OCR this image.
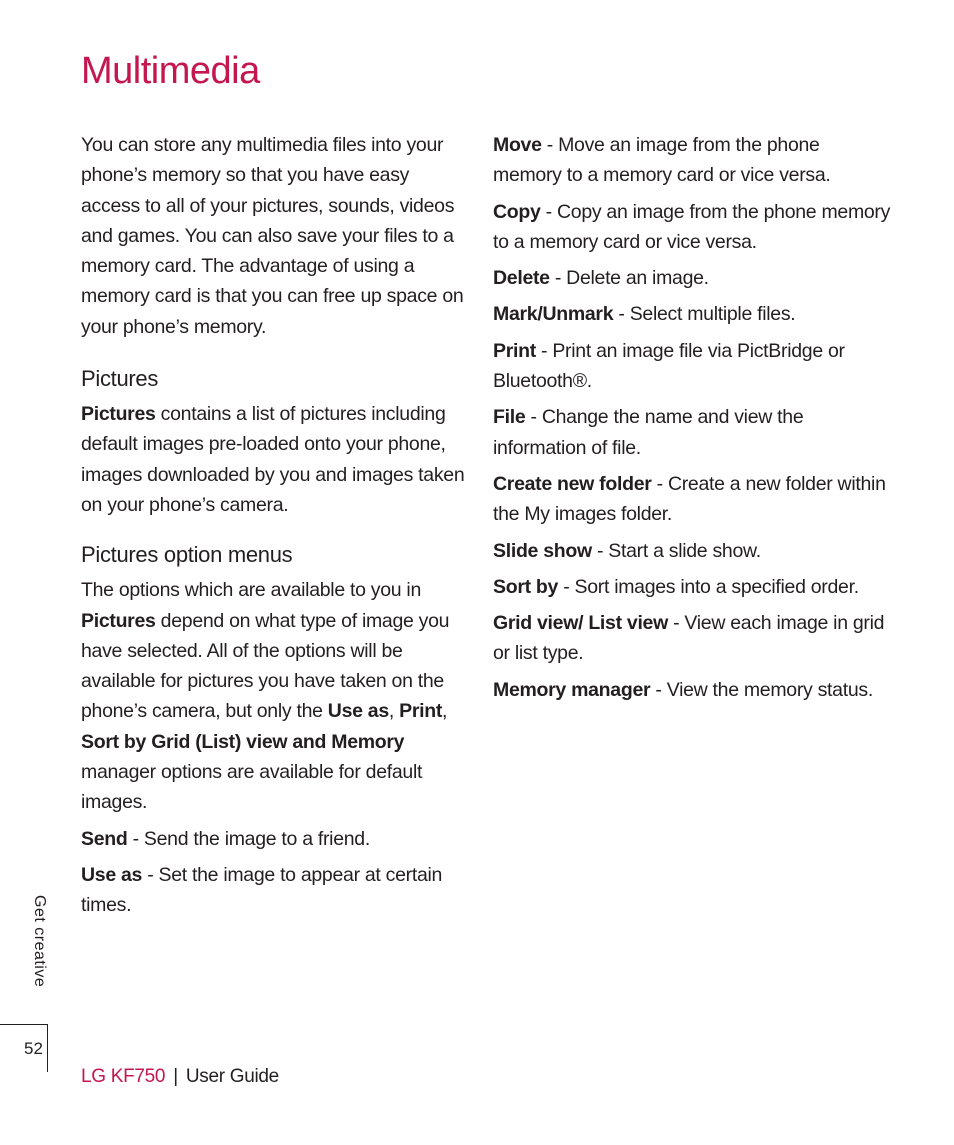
Multimedia

You can store any multimedia files into your phone’s memory so that you have easy access to all of your pictures, sounds, videos and games. You can also save your files to a memory card. The advantage of using a memory card is that you can free up space on your phone’s memory.

Pictures

Pictures contains a list of pictures including default images pre-loaded onto your phone, images downloaded by you and images taken on your phone’s camera.

Pictures option menus

The options which are available to you in Pictures depend on what type of image you have selected. All of the options will be available for pictures you have taken on the phone’s camera, but only the Use as, Print, Sort by Grid (List) view and Memory manager options are available for default images.

Send - Send the image to a friend.

Use as - Set the image to appear at certain times.

Move - Move an image from the phone memory to a memory card or vice versa.

Copy - Copy an image from the phone memory to a memory card or vice versa.

Delete - Delete an image.

Mark/Unmark - Select multiple files.

Print - Print an image file via PictBridge or Bluetooth®.

File - Change the name and view the information of file.

Create new folder - Create a new folder within the My images folder.

Slide show - Start a slide show.

Sort by - Sort images into a specified order.

Grid view/ List view - View each image in grid or list type.

Memory manager - View the memory status.

Get creative
52
LG KF750 | User Guide
